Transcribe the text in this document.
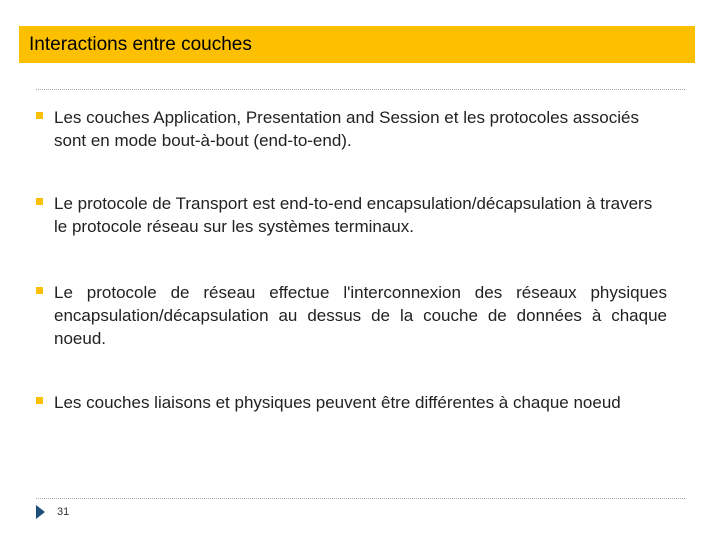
Interactions entre couches
Les couches Application, Presentation and Session et les protocoles associés sont en mode bout-à-bout (end-to-end).
Le protocole de Transport est end-to-end encapsulation/décapsulation à travers le protocole réseau sur les systèmes terminaux.
Le protocole de réseau effectue l'interconnexion des réseaux physiques encapsulation/décapsulation au dessus de la couche de données à chaque noeud.
Les couches liaisons et physiques peuvent être différentes à chaque noeud
31
